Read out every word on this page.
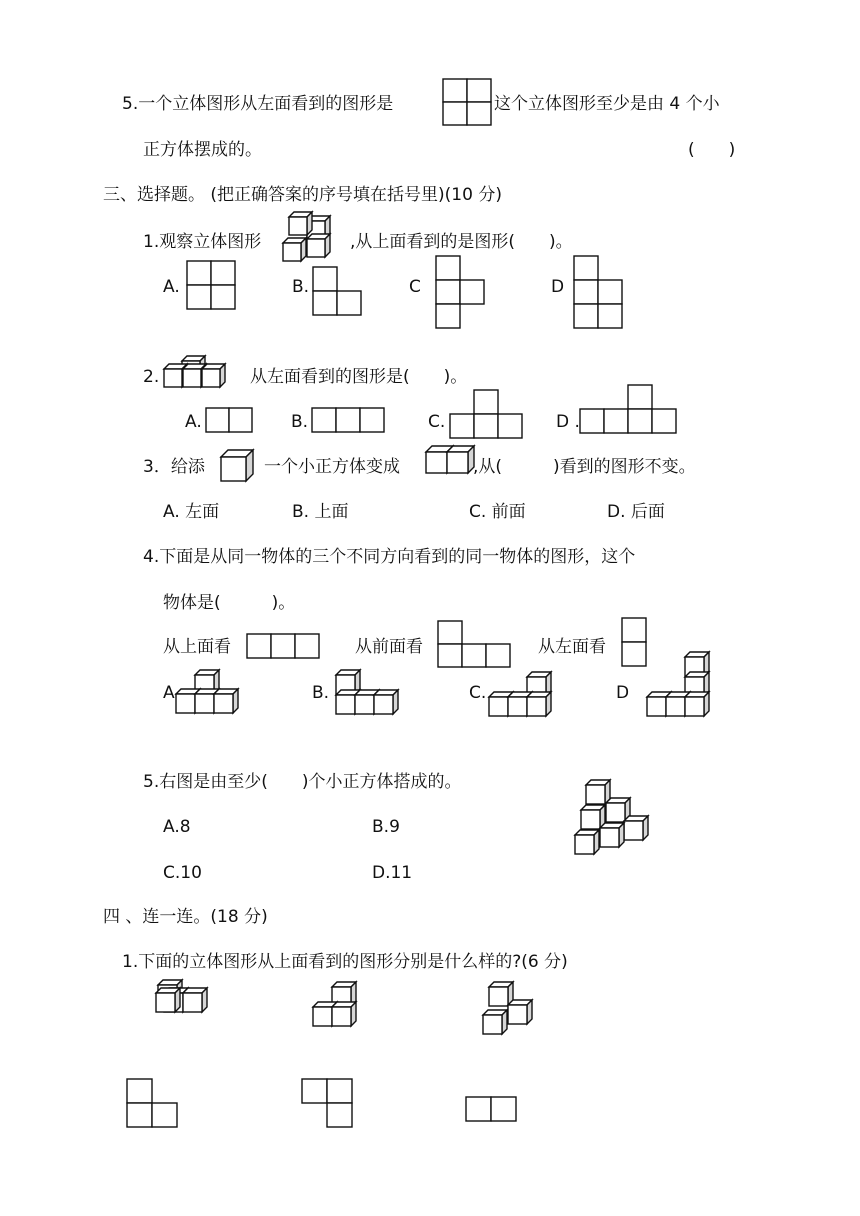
5.一个立体图形从左面看到的图形是	这个立体图形至少是由 4 个小
正方体摆成的。	(　　)
三、选择题。 (把正确答案的序号填在括号里)(10 分)
1.观察立体图形	,从上面看到的是图形(　　)。
A.	B.	C	D
2.	从左面看到的图形是(　　)。
A.	B.	C.	D .
3．给添	一个小正方体变成	,从(　　　)看到的图形不变。
A. 左面	B. 上面	C. 前面	D. 后面
4.下面是从同一物体的三个不同方向看到的同一物体的图形，这个
物体是(　　　)。
从上面看	从前面看	从左面看
A	B.	C.	D
5.右图是由至少(　　)个小正方体搭成的。
A.8	B.9
C.10	D.11
四 、连一连。(18 分)
1.下面的立体图形从上面看到的图形分别是什么样的?(6 分)
